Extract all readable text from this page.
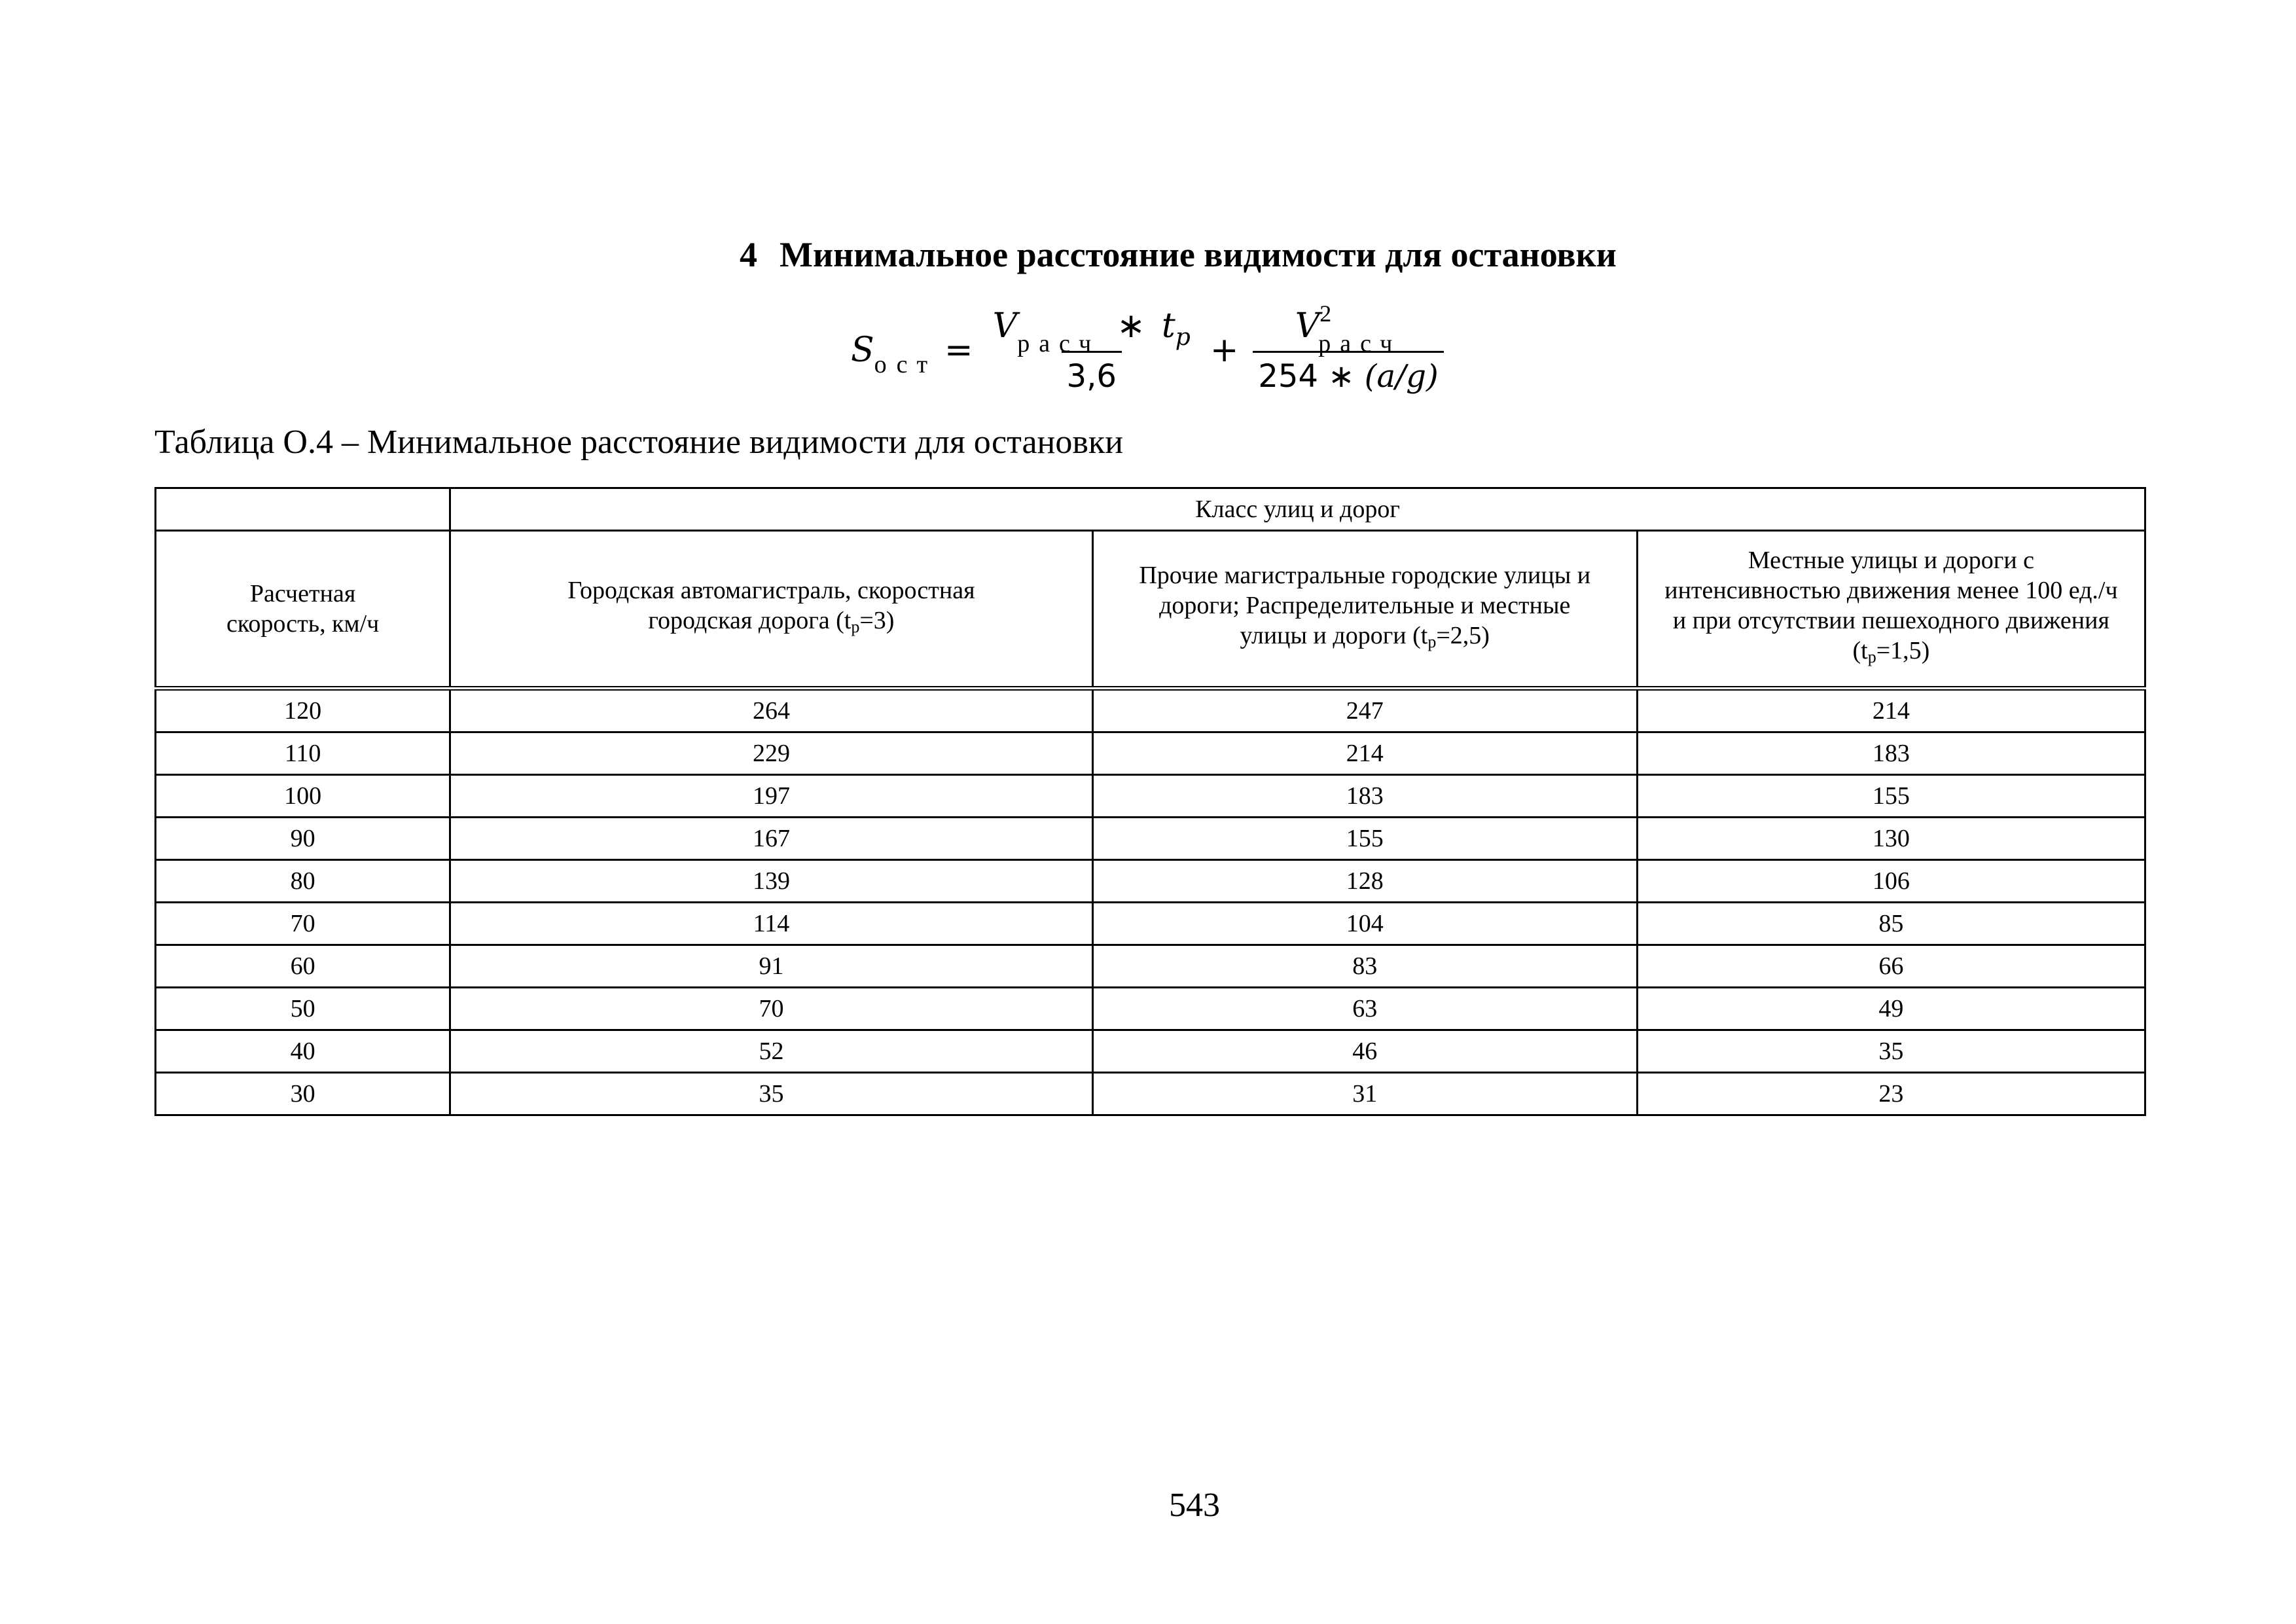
4 Минимальное расстояние видимости для остановки
S ост = $\frac{V_{расч} ∗ t_p}{3,6} + \frac{V^2_{расч}}{254 ∗ (a/g)}$
Таблица О.4 – Минимальное расстояние видимости для остановки
	Класс улиц и дорог		
Расчетная скорость, км/ч	Городская автомагистраль, скоростная городская дорога (tр=3)	Прочие магистральные городские улицы и дороги; Распределительные и местные улицы и дороги (tр=2,5)	Местные улицы и дороги с интенсивностью движения менее 100 ед./ч и при отсутствии пешеходного движения (tр=1,5)
120	264	247	214
110	229	214	183
100	197	183	155
90	167	155	130
80	139	128	106
70	114	104	85
60	91	83	66
50	70	63	49
40	52	46	35
30	35	31	23
543
